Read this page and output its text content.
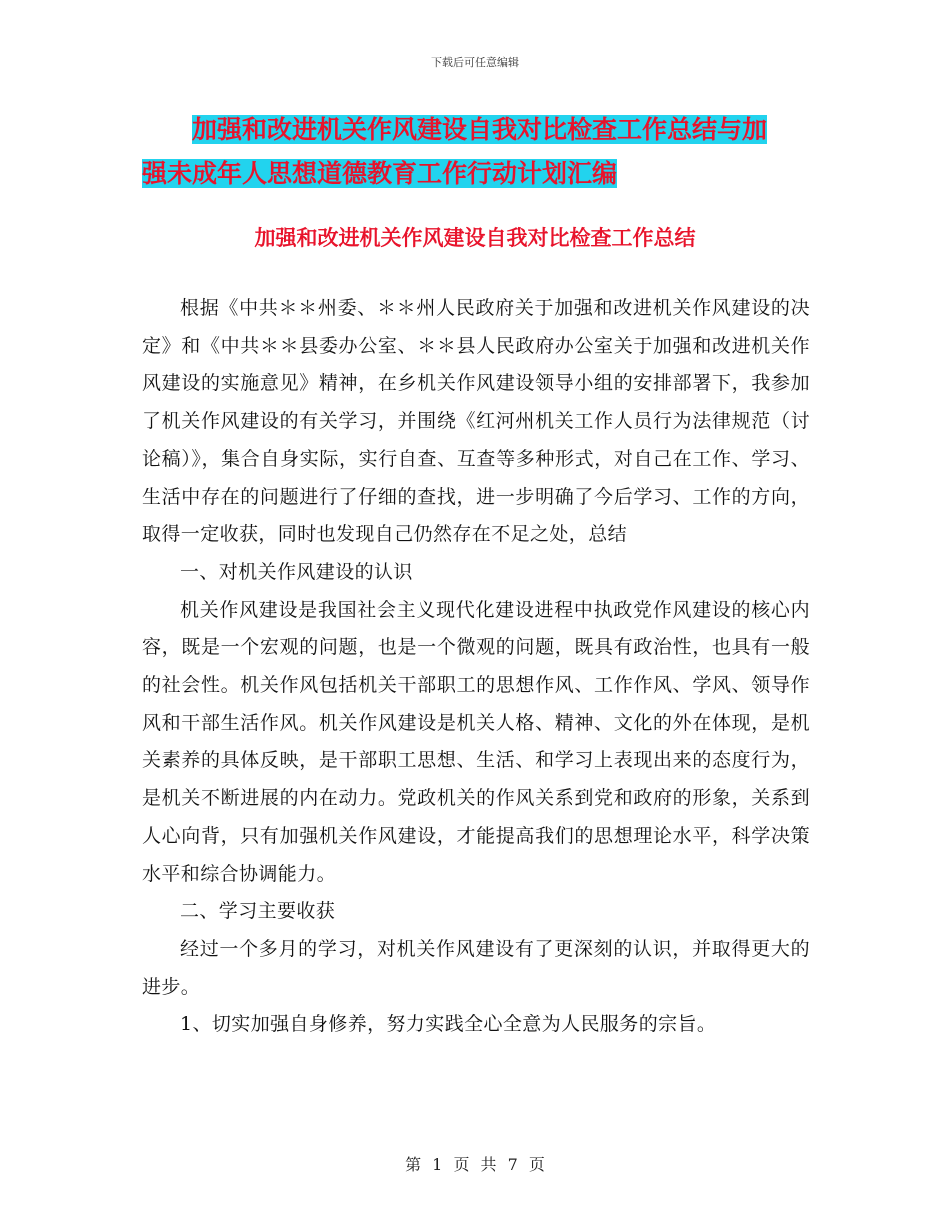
下载后可任意编辑
加强和改进机关作风建设自我对比检查工作总结与加
强未成年人思想道德教育工作行动计划汇编
加强和改进机关作风建设自我对比检查工作总结

根据《中共＊＊州委、＊＊州人民政府关于加强和改进机关作风建设的决定》和《中共＊＊县委办公室、＊＊县人民政府办公室关于加强和改进机关作风建设的实施意见》精神，在乡机关作风建设领导小组的安排部署下，我参加了机关作风建设的有关学习，并围绕《红河州机关工作人员行为法律规范（讨论稿）》，集合自身实际，实行自查、互查等多种形式，对自己在工作、学习、生活中存在的问题进行了仔细的查找，进一步明确了今后学习、工作的方向，取得一定收获，同时也发现自己仍然存在不足之处，总结

一、对机关作风建设的认识

机关作风建设是我国社会主义现代化建设进程中执政党作风建设的核心内容，既是一个宏观的问题，也是一个微观的问题，既具有政治性，也具有一般的社会性。机关作风包括机关干部职工的思想作风、工作作风、学风、领导作风和干部生活作风。机关作风建设是机关人格、精神、文化的外在体现，是机关素养的具体反映，是干部职工思想、生活、和学习上表现出来的态度行为，是机关不断进展的内在动力。党政机关的作风关系到党和政府的形象，关系到人心向背，只有加强机关作风建设，才能提高我们的思想理论水平，科学决策水平和综合协调能力。

二、学习主要收获

经过一个多月的学习，对机关作风建设有了更深刻的认识，并取得更大的进步。

1、切实加强自身修养，努力实践全心全意为人民服务的宗旨。

第 1 页 共 7 页
